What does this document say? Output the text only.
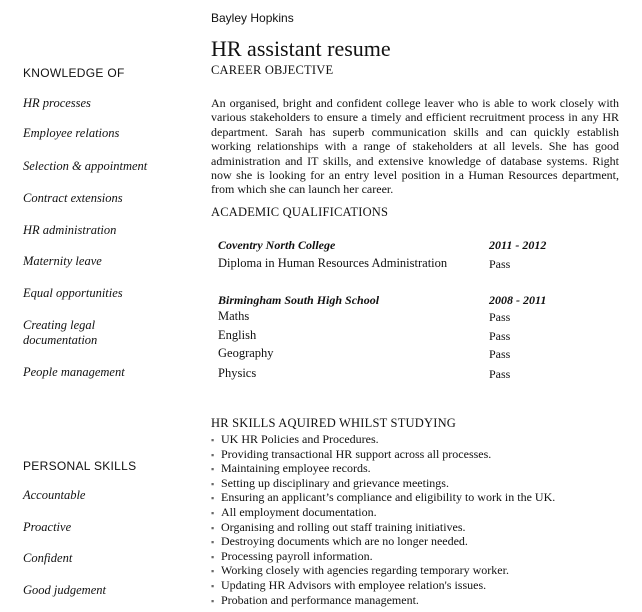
Bayley Hopkins
HR assistant resume
KNOWLEDGE OF
HR processes
Employee relations
Selection & appointment
Contract extensions
HR administration
Maternity leave
Equal opportunities
Creating legal documentation
People management
PERSONAL SKILLS
Accountable
Proactive
Confident
Good judgement
CAREER OBJECTIVE
An organised, bright and confident college leaver who is able to work closely with various stakeholders to ensure a timely and efficient recruitment process in any HR department. Sarah has superb communication skills and can quickly establish working relationships with a range of stakeholders at all levels. She has good administration and IT skills, and extensive knowledge of database systems. Right now she is looking for an entry level position in a Human Resources department, from which she can launch her career.
ACADEMIC QUALIFICATIONS
Coventry North College	2011 - 2012
Diploma in Human Resources Administration	Pass
Birmingham South High School	2008 - 2011
Maths	Pass
English	Pass
Geography	Pass
Physics	Pass
HR SKILLS AQUIRED WHILST STUDYING
▪ UK HR Policies and Procedures.
▪ Providing transactional HR support across all processes.
▪ Maintaining employee records.
▪ Setting up disciplinary and grievance meetings.
▪ Ensuring an applicant’s compliance and eligibility to work in the UK.
▪ All employment documentation.
▪ Organising and rolling out staff training initiatives.
▪ Destroying documents which are no longer needed.
▪ Processing payroll information.
▪ Working closely with agencies regarding temporary worker.
▪ Updating HR Advisors with employee relation's issues.
▪ Probation and performance management.
